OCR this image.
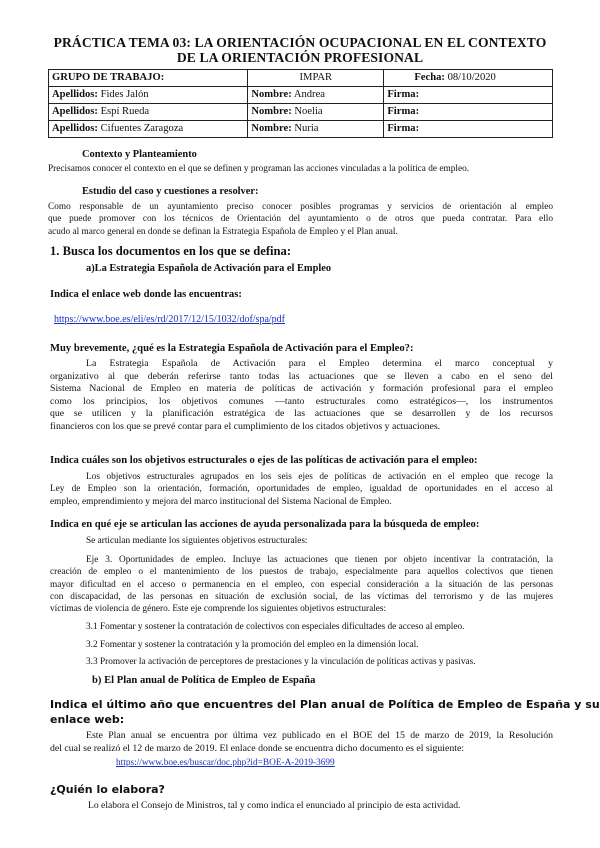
PRÁCTICA TEMA 03: LA ORIENTACIÓN OCUPACIONAL EN EL CONTEXTO
DE LA ORIENTACIÓN PROFESIONAL
GRUPO DE TRABAJO:	IMPAR	Fecha: 08/10/2020
Apellidos: Fides Jalón	Nombre: Andrea	Firma:
Apellidos: Espí Rueda	Nombre: Noelia	Firma:
Apellidos: Cifuentes Zaragoza	Nombre: Nuria	Firma:
Contexto y Planteamiento
Precisamos conocer el contexto en el que se definen y programan las acciones vinculadas a la política de empleo.
Estudio del caso y cuestiones a resolver:
Como responsable de un ayuntamiento preciso conocer posibles programas y servicios de orientación al empleo
que puede promover con los técnicos de Orientación del ayuntamiento o de otros que pueda contratar. Para ello
acudo al marco general en donde se definan la Estrategia Española de Empleo y el Plan anual.
1. Busca los documentos en los que se defina:
a)La Estrategia Española de Activación para el Empleo
Indica el enlace web donde las encuentras:
https://www.boe.es/eli/es/rd/2017/12/15/1032/dof/spa/pdf
Muy brevemente, ¿qué es la Estrategia Española de Activación para el Empleo?:
La Estrategia Española de Activación para el Empleo determina el marco conceptual y
organizativo al que deberán referirse tanto todas las actuaciones que se lleven a cabo en el seno del
Sistema Nacional de Empleo en materia de políticas de activación y formación profesional para el empleo
como los principios, los objetivos comunes —tanto estructurales como estratégicos—, los instrumentos
que se utilicen y la planificación estratégica de las actuaciones que se desarrollen y de los recursos
financieros con los que se prevé contar para el cumplimiento de los citados objetivos y actuaciones.
Indica cuáles son los objetivos estructurales o ejes de las políticas de activación para el empleo:
Los objetivos estructurales agrupados en los seis ejes de políticas de activación en el empleo que recoge la
Ley de Empleo son la orientación, formación, oportunidades de empleo, igualdad de oportunidades en el acceso al
empleo, emprendimiento y mejora del marco institucional del Sistema Nacional de Empleo.
Indica en qué eje se articulan las acciones de ayuda personalizada para la búsqueda de empleo:
Se articulan mediante los siguientes objetivos estructurales:
Eje 3. Oportunidades de empleo. Incluye las actuaciones que tienen por objeto incentivar la contratación, la
creación de empleo o el mantenimiento de los puestos de trabajo, especialmente para aquellos colectivos que tienen
mayor dificultad en el acceso o permanencia en el empleo, con especial consideración a la situación de las personas
con discapacidad, de las personas en situación de exclusión social, de las víctimas del terrorismo y de las mujeres
víctimas de violencia de género. Este eje comprende los siguientes objetivos estructurales:
3.1 Fomentar y sostener la contratación de colectivos con especiales dificultades de acceso al empleo.
3.2 Fomentar y sostener la contratación y la promoción del empleo en la dimensión local.
3.3 Promover la activación de perceptores de prestaciones y la vinculación de políticas activas y pasivas.
b) El Plan anual de Política de Empleo de España
Indica el último año que encuentres del Plan anual de Política de Empleo de España y su
enlace web:
Este Plan anual se encuentra por última vez publicado en el BOE del 15 de marzo de 2019, la Resolución
del cual se realizó el 12 de marzo de 2019. El enlace donde se encuentra dicho documento es el siguiente:
https://www.boe.es/buscar/doc.php?id=BOE-A-2019-3699
¿Quién lo elabora?
Lo elabora el Consejo de Ministros, tal y como indica el enunciado al principio de esta actividad.
